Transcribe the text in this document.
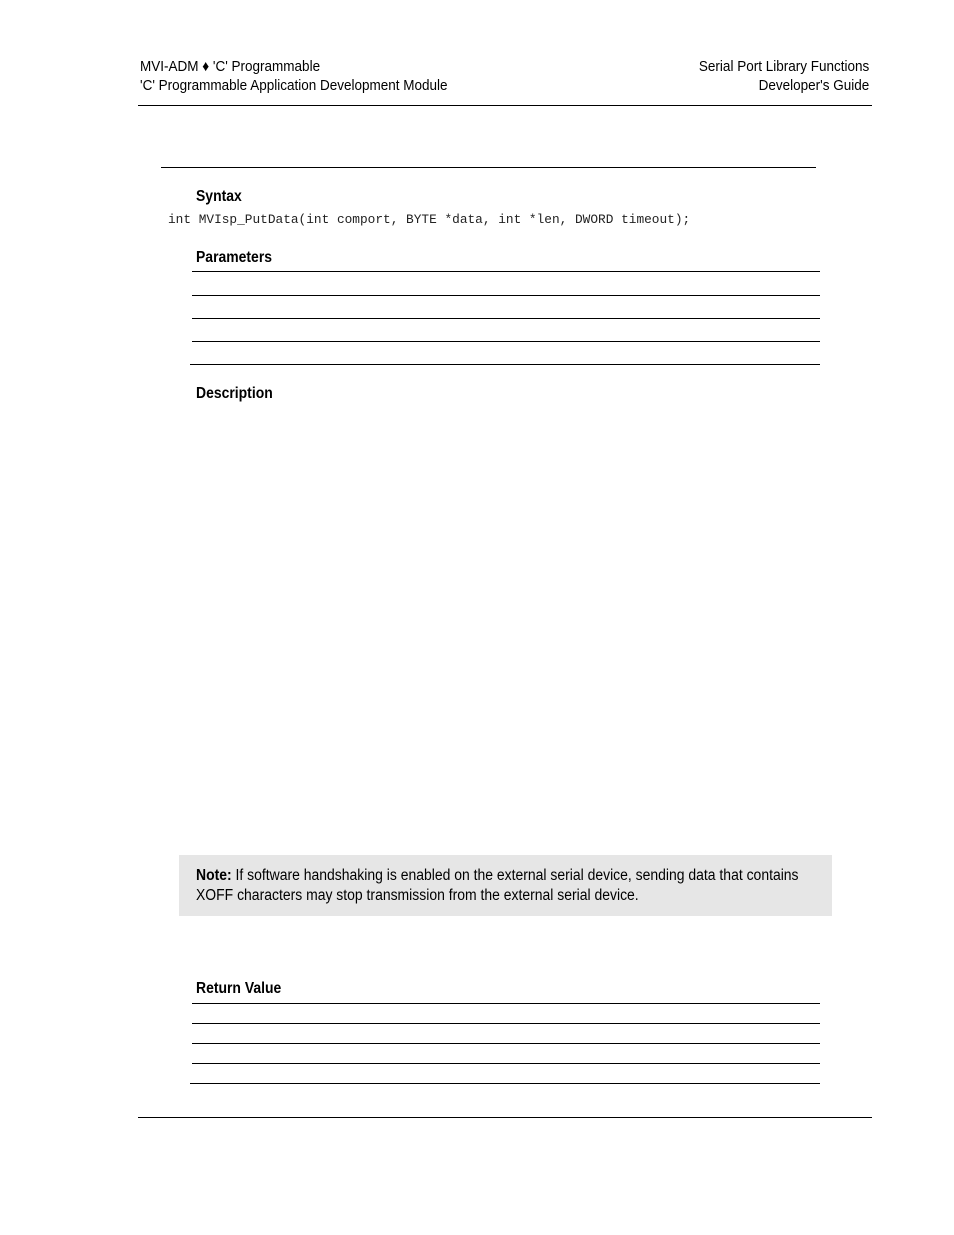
MVI-ADM ♦ 'C' Programmable
'C' Programmable Application Development Module
Serial Port Library Functions
Developer's Guide
Syntax
int MVIsp_PutData(int comport, BYTE *data, int *len, DWORD timeout);
Parameters
Description
Note: If software handshaking is enabled on the external serial device, sending data that contains XOFF characters may stop transmission from the external serial device.
Return Value
